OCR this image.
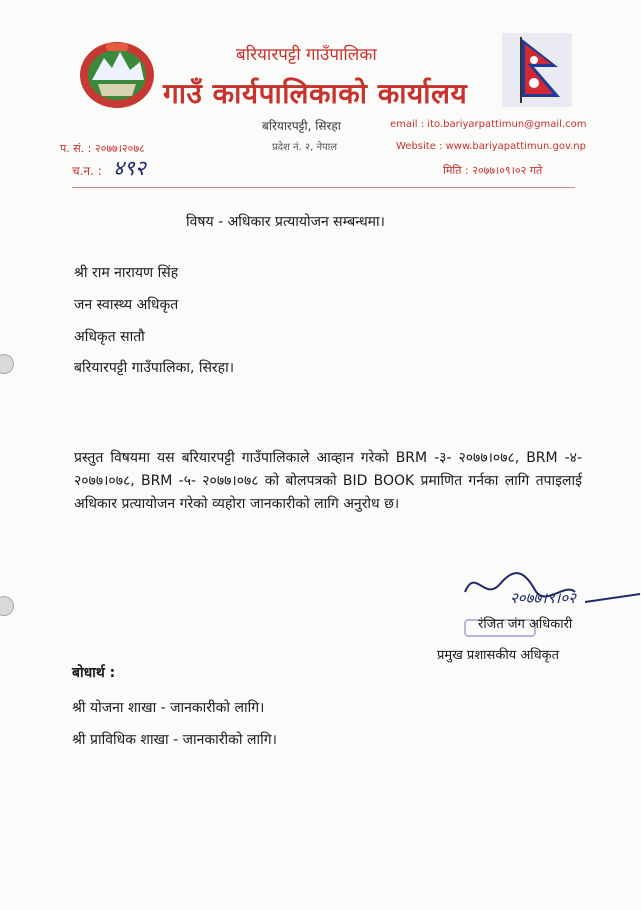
बरियारपट्टी गाउँपालिका
गाउँ कार्यपालिकाको कार्यालय
बरियारपट्टी, सिरहा
प्रदेश नं. २, नेपाल
email : ito.bariyarpattimun@gmail.com
Website : www.bariyapattimun.gov.np
प. सं. : २०७७।२०७८
च.न. : ४९२	मिति : २०७७।०९।०२ गते
विषय - अधिकार प्रत्यायोजन सम्बन्धमा।
श्री राम नारायण सिंह
जन स्वास्थ्य अधिकृत
अधिकृत सातौ
बरियारपट्टी गाउँपालिका, सिरहा।
प्रस्तुत विषयमा यस बरियारपट्टी गाउँपालिकाले आव्हान गरेको BRM -३- २०७७।०७८, BRM -४- २०७७।०७८, BRM -५- २०७७।०७८ को बोलपत्रको BID BOOK प्रमाणित गर्नका लागि तपाइलाई अधिकार प्रत्यायोजन गरेको व्यहोरा जानकारीको लागि अनुरोध छ।
२०७७।९।०२
रंजित जंग अधिकारी
प्रमुख प्रशासकीय अधिकृत
बोधार्थ :
श्री योजना शाखा - जानकारीको लागि।
श्री प्राविधिक शाखा - जानकारीको लागि।
